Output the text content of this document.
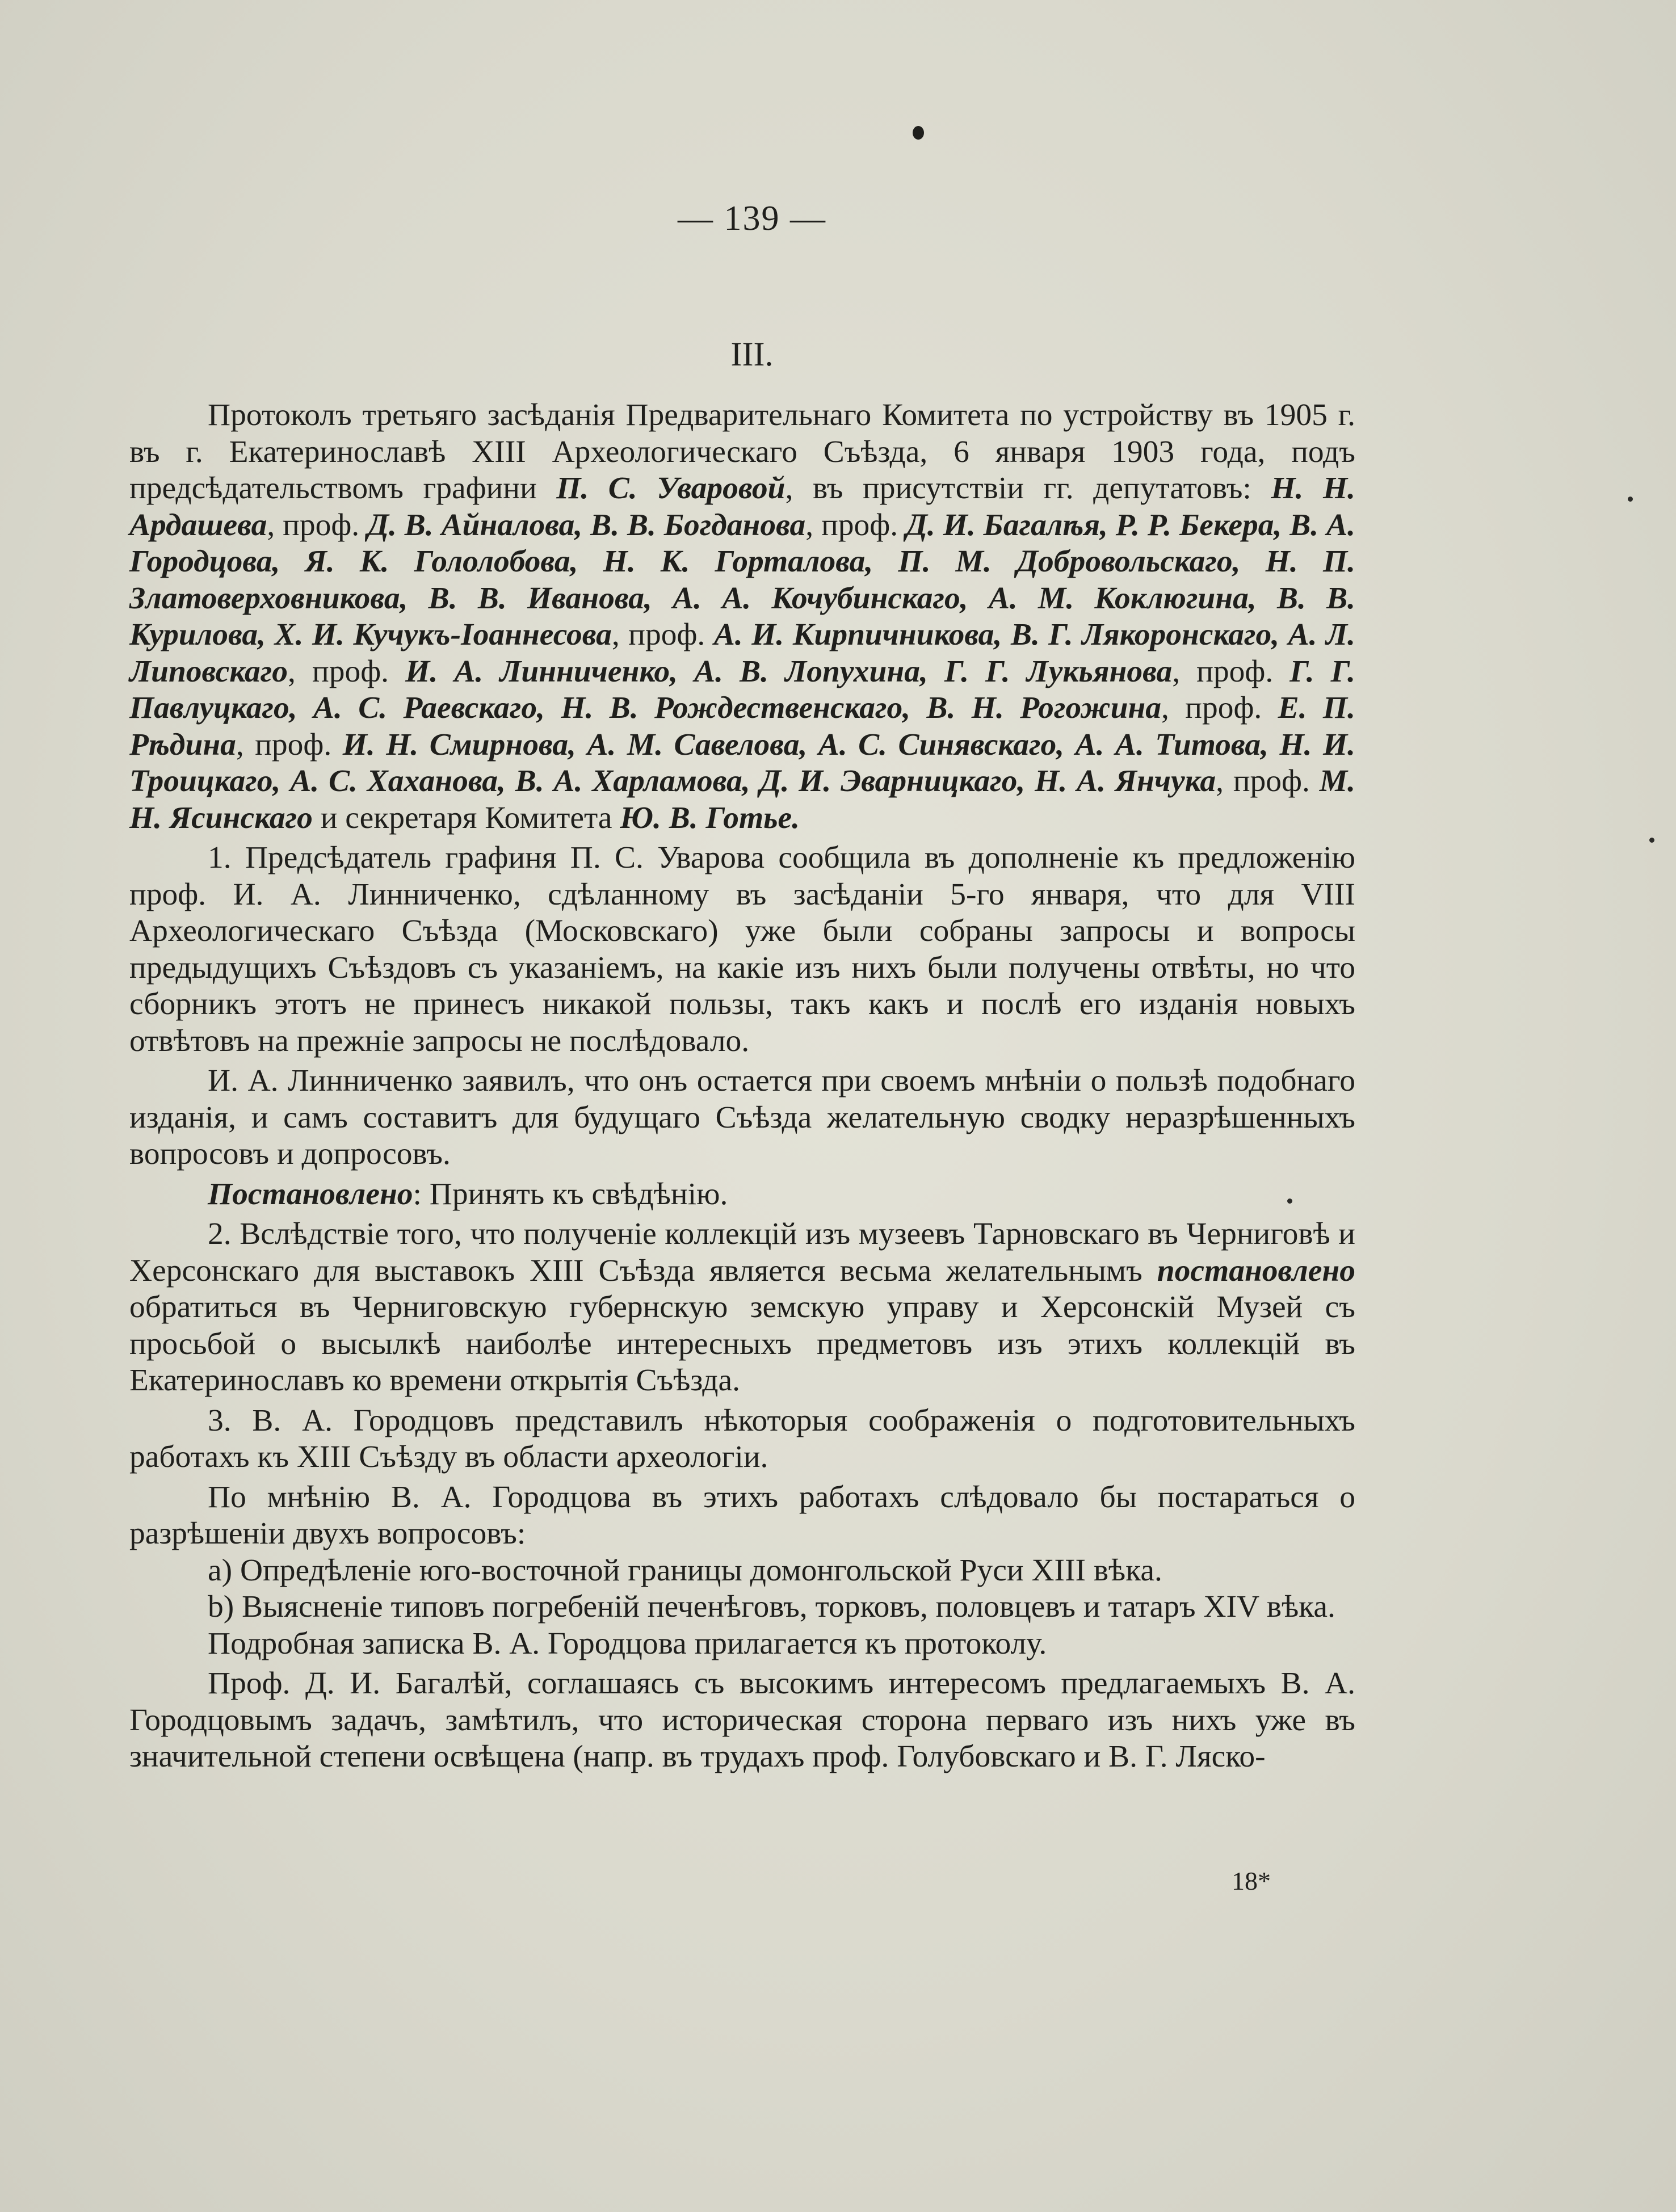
— 139 —
III.

Протоколъ третьяго засѣданія Предварительнаго Комитета по устройству въ 1905 г. въ г. Екатеринославѣ XIII Археологическаго Съѣзда, 6 января 1903 года, подъ предсѣдательствомъ графини П. С. Уваровой, въ присутствіи гг. депутатовъ: Н. Н. Ардашева, проф. Д. В. Айналова, В. В. Богданова, проф. Д. И. Багалѣя, Р. Р. Бекера, В. А. Городцова, Я. К. Гололобова, Н. К. Горталова, П. М. Добровольскаго, Н. П. Златоверховникова, В. В. Иванова, А. А. Кочубинскаго, А. М. Коклюгина, В. В. Курилова, Х. И. Кучукъ-Іоаннесова, проф. А. И. Кирпичникова, В. Г. Лякоронскаго, А. Л. Липовскаго, проф. И. А. Линниченко, А. В. Лопухина, Г. Г. Лукьянова, проф. Г. Г. Павлуцкаго, А. С. Раевскаго, Н. В. Рождественскаго, В. Н. Рогожина, проф. Е. П. Рѣдина, проф. И. Н. Смирнова, А. М. Савелова, А. С. Синявскаго, А. А. Титова, Н. И. Троицкаго, А. С. Хаханова, В. А. Харламова, Д. И. Эварницкаго, Н. А. Янчука, проф. М. Н. Ясинскаго и секретаря Комитета Ю. В. Готье.

1. Предсѣдатель графиня П. С. Уварова сообщила въ дополненіе къ предложенію проф. И. А. Линниченко, сдѣланному въ засѣданіи 5-го января, что для VIII Археологическаго Съѣзда (Московскаго) уже были собраны запросы и вопросы предыдущихъ Съѣздовъ съ указаніемъ, на какіе изъ нихъ были получены отвѣты, но что сборникъ этотъ не принесъ никакой пользы, такъ какъ и послѣ его изданія новыхъ отвѣтовъ на прежніе запросы не послѣдовало.

И. А. Линниченко заявилъ, что онъ остается при своемъ мнѣніи о пользѣ подобнаго изданія, и самъ составитъ для будущаго Съѣзда желательную сводку неразрѣшенныхъ вопросовъ и допросовъ.

Постановлено: Принять къ свѣдѣнію.

2. Вслѣдствіе того, что полученіе коллекцій изъ музеевъ Тарновскаго въ Черниговѣ и Херсонскаго для выставокъ XIII Съѣзда является весьма желательнымъ постановлено обратиться въ Черниговскую губернскую земскую управу и Херсонскій Музей съ просьбой о высылкѣ наиболѣе интересныхъ предметовъ изъ этихъ коллекцій въ Екатеринославъ ко времени открытія Съѣзда.

3. В. А. Городцовъ представилъ нѣкоторыя соображенія о подготовительныхъ работахъ къ XIII Съѣзду въ области археологіи.

По мнѣнію В. А. Городцова въ этихъ работахъ слѣдовало бы постараться о разрѣшеніи двухъ вопросовъ:

a) Опредѣленіе юго-восточной границы домонгольской Руси XIII вѣка.

b) Выясненіе типовъ погребеній печенѣговъ, торковъ, половцевъ и татаръ XIV вѣка.

Подробная записка В. А. Городцова прилагается къ протоколу.

Проф. Д. И. Багалѣй, соглашаясь съ высокимъ интересомъ предлагаемыхъ В. А. Городцовымъ задачъ, замѣтилъ, что историческая сторона перваго изъ нихъ уже въ значительной степени освѣщена (напр. въ трудахъ проф. Голубовскаго и В. Г. Ляско-

18*
